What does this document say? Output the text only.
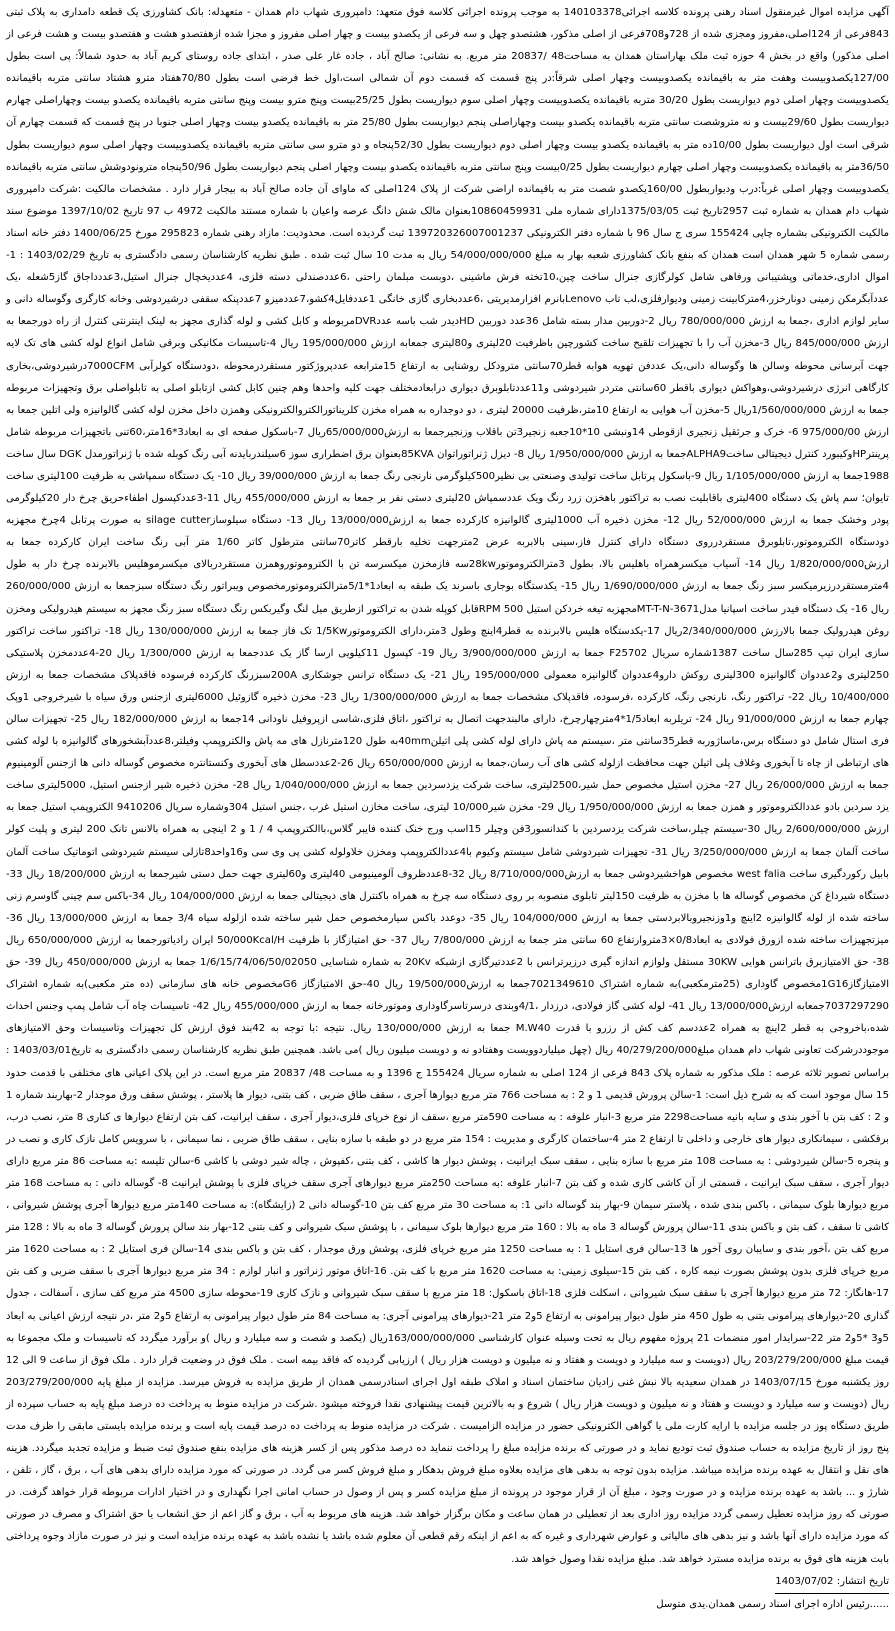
آگهی مزایده اموال غیرمنقول اسناد رهنی پرونده کلاسه اجرائی140103378 به موجب پرونده اجرائی کلاسه فوق متعهد: دامپروری شهاب دام همدان - متعهدله: بانک کشاورزی یک قطعه دامداری به پلاک ثبتی 843فرعی از 124اصلی،مفروز ومجزی شده از 728و708فرعی از اصلی مذکور، هشتصدو چهل و سه فرعی از یکصدو بیست و چهار اصلی مفروز و مجزا شده ازهفتصدو هشت و هفتصدو بیست و هشت فرعی از اصلی مذکور) واقع در بخش 4 حوزه ثبت ملک بهاراستان همدان به مساحت48 /20837 متر مربع. به نشانی: صالح آباد ، جاده غار علی صدر ، ابتدای جاده روستای کریم آباد به حدود شمالاً: پی است بطول 127/00یکصدوبیست وهفت متر به باقیمانده یکصدوبیست وچهار اصلی شرقاً:در پنج قسمت که قسمت دوم آن شمالی است،اول خط فرضی است بطول 70/80هفتاد مترو هشتاد سانتی متربه باقیمانده یکصدوبیست وچهار اصلی دوم دیواریست بطول 30/20 متربه باقیمانده یکصدوبیست وچهار اصلی سوم دیواریست بطول 25/25بیست وپنج مترو بیست وپنج سانتی متربه باقیمانده یکصدو بیست وچهاراصلی چهارم دیواریست بطول 29/60بیست و نه متروشصت سانتی متربه باقیمانده یکصدو بیست وچهاراصلی پنجم دیواریست بطول 25/80 متر به باقیمانده یکصدو بیست وچهار اصلی جنوبا در پنج قسمت که قسمت چهارم آن شرقی است اول دیواریست بطول 10/00ده متر به باقیمانده یکصدو بیست وچهار اصلی دوم دیواریست بطول 52/30پنجاه و دو مترو سی سانتی متربه باقیمانده یکصدوبیست وچهار اصلی سوم دیواریست بطول 36/50متر به باقیمانده یکصدوبیست وچهار اصلی چهارم دیواریست بطول 0/25بیست وپنج سانتی متربه باقیمانده یکصدو بیست وچهار اصلی پنجم دیواریست بطول 50/96پنجاه مترونودوشش سانتی متربه باقیمانده یکصدوبیست وچهار اصلی غرباً:درب ودیواربطول 160/00یکصدو شصت متر به باقیمانده اراضی شرکت از پلاک 124اصلی که ماوای آن جاده صالح آباد به بیجار قرار دارد . مشخصات مالکیت :شرکت دامپروری شهاب دام همدان به شماره ثبت 2957تاریخ ثبت 1375/03/05دارای شماره ملی 10860459931بعنوان مالک شش دانگ عرصه واعیان با شماره مستند مالکیت 4972 ب 97 تاریخ 1397/10/02 موضوع سند مالکیت الکترونیکی بشماره چاپی 155424 سری ج سال 96 با شماره دفتر الکترونیکی 139720326007001237 ثبت گردیده است. محدودیت: مازاد رهنی شماره 295823 مورخ 1400/06/25 دفتر خانه اسناد رسمی شماره 5 شهر همدان است همدان که بنفع بانک کشاورزی شعبه بهار به مبلغ 54/000/000/000 ریال به مدت 10 سال ثبت شده . طبق نظریه کارشناسان رسمی دادگستری به تاریخ 1403/02/29 : 1-اموال اداری،خدماتی وپشتیبانی ورفاهی شامل کولرگازی جنرال ساخت چین،10تخته فرش ماشینی ،دوبست مبلمان راحتی ،6عددصندلی دسته فلزی، 4عددیخچال جنرال استیل،3عددداجاق گاز5شعله ،یک عددآبگرمکن زمینی دونارخزر،4مترکابینت زمینی ودیوارفلزی،لب تاب Lenovoبانرم افزارمدیریتی ،6عددبخاری گازی خانگی 1عددفایل4کشو،7عددمیزو 7عددپنکه سقفی درشیردوشی وخانه کارگری وگوساله دانی و سایر لوازم اداری ،جمعا به ارزش 780/000/000 ریال 2-دوربین مدار بسته شامل 36عدد دوربین HDدیدر شب باسه عددDVRمربوطه و کابل کشی و لوله گذاری مجهز به لینک اینترنتی کنترل از راه دورجمعا به ارزش 845/000/000 ریال 3-مخزن آب را با تجهیزات تلقیح ساخت کشورچین باظرفیت 20لیتری و80لیتری جمعابه ارزش 195/000/000 ریال 4-تاسیسات مکانیکی وبرقی شامل انواع لوله کشی های تک لایه جهت آبرسانی محوطه وسالن ها وگوساله دانی،یک عددفن تهویه هوابه قطر70سانتی مترودکل روشنایی به ارتفاع 15مترابعه عددپروژکتور مستقردرمحوطه ،دودستگاه کولرآبی 7000CFMدرشیردوشی،بخاری کارگاهی انرژی درشیردوشی،وهواکش دیواری باقطر 60سانتی متردر شیردوشی و11عددتابلوبرق دیواری درابعادمختلف جهت کلیه واحدها وهم چنین کابل کشی ازتابلو اصلی به تابلواصلی برق وتجهیزات مربوطه جمعا به ارزش 1/560/000/000ریال 5-مخزن آب هوایی به ارتفاع 10متر،ظرفیت 20000 لیتری ، دو دوجداره به همراه مخزن کلریناتورالکتروالکترونیکی وهمزن داخل مخزن لوله کشی گالوانیزه ولی اتلین جمعا به ارزش 975/000/00 6- خرک و جرثقیل زنجیری ازقوطی 14ونبشی 10*10جعبه زنجیر3تن باقلاب وزنجیرجمعا به ارزش65/000/000ریال 7-باسکول صفحه ای به ابعاد3*16متر،60تنی باتجهیزات مربوطه شامل پرینترHPوکیبورد کنترل دیجیتالی ساختALPHA9جمعا به ارزش 1/950/000/000 ریال 8- دیزل ژنراتوراتوان 85KVAبعنوان برق اضطراری سوز 6سیلندربایدنه آبی رنگ کوبله شده با ژنراتورمدل DGK سال ساخت 1988جمعا به ارزش 1/105/000/000 ریال 9-باسکول پرتابل ساخت تولیدی وصنعتی بی نظیر500کیلوگرمی نارنجی رنگ جمعا به ارزش 39/000/000 ریال 10- یک دستگاه سمپاشی به ظرفیت 100لیتری ساخت تایوان؛ سم پاش یک دستگاه 400لیتری باقابلیت نصب به تراکتور باهخزن زرد رنگ ویک عددسمپاش 20لیتری دستی نفر بر جمعا به ارزش 455/000/000 ریال 11-3عددکپسول اطفاءحریق چرخ دار 20کیلوگرمی پودر وخشک جمعا به ارزش 52/000/000 ریال 12- مخزن ذخیره آب 1000لیتری گالوانیزه کارکرده جمعا به ارزش13/000/000 ریال 13- دستگاه سیلوسازsilage cutter به صورت پرتابل 4چرخ مجهزبه دودستگاه الکتروموتور،تابلوبرق مستقردرروی دستگاه دارای کنترل فاز،سینی بالابربه عرض 2مترجهت تخلیه بارقطر کاتر70سانتی مترطول کاتر 1/60 متر آبی رنگ ساخت ایران کارکرده جمعا به ارزش1/820/000/000 ریال 14- آسیاب میکسرهمراه باهلیس بالا، بطول 3مترالکتروموتور28kwسه فازمخزن میکسرسه تن با الکتروموتوروهمزن مستقردربالای میکسرموهلیس بالابرنده چرخ دار به طول 4مترمستقردرزیرمیکسر سبز رنگ جمعا به ارزش 1/690/000/000 ریال 15- یکدستگاه بوجاری باسرند یک طبقه به ابعاد1*5/1مترالکتروموتورمخصوص ویبراتور رنگ دستگاه سبزجمعا به ارزش 260/000/000 ریال 16- یک دستگاه فیدر ساخت اسپانیا مدلMT-T-N-3671مجهزبه تیغه خردکن استیل RPM 500قابل کوپله شدن به تراکتور ازطریق میل لنگ وگیربکس رنگ دستگاه سبز رنگ مجهز به سیستم هیدرولیکی ومخزن روغن هیدرولیک جمعا بالارزش 2/340/000/000ریال 17-یکدستگاه هلیس بالابرنده به قطر4اینچ وطول 3متر،دارای الکتروموتور1/5Kw تک فاز جمعا به ارزش 130/000/000 ریال 18- تراکتور ساخت تراکتور سازی ایران تیپ 285سال ساخت 1387شماره سریال F25702 جمعا به ارزش 3/900/000/000 ریال 19- کپسول 11کیلویی ارسا گاز یک عددجمعا به ارزش 1/300/000 ریال 20-4عددمخزن پلاستیکی 250لیتری و2عددوان گالوانیزه 300لیتری روکش دارو4عددوان گالوانیزه معمولی 195/000/000 ریال 21- یک دستگاه ترانس جوشکاری 200Aسبزرنگ کارکرده فرسوده فاقدپلاک مشخصات جمعا به ارزش 10/400/000 ریال 22- تراکتور رنگ، نارنجی رنگ، کارکرده ،فرسوده، فاقدپلاک مشخصات جمعا به ارزش 1/300/000/000 ریال 23- مخزن ذخیره گازوئیل 6000لیتری ازجنس ورق سیاه با شیرخروجی 1وپک چهارم جمعا به ارزش 91/000/000 ریال 24- تریلربه ابعاد1/5*4مترچهارچرخ، دارای مالبندجهت اتصال به تراکتور ،اتاق فلزی،شاسی ازپروفیل ناودانی 14جمعا به ارزش 182/000/000 ریال 25- تجهیزات سالن فری استال شامل دو دستگاه برس،ماساژوربه قطر35سانتی متر ،سیستم مه پاش دارای لوله کشی پلی اتیلن40mmبه طول 120مترنازل های مه پاش والکتروپمپ وفیلتر،8عددآبشخورهای گالوانیزه با لوله کشی های ارتباطی از چاه تا آبخوری وغلاف پلی اتیلن جهت محافظت ازلوله کشی های آب رسان،جمعا به ارزش 650/000/000 ریال 26-2عددسطل های آبخوری وکنستانتره مخصوص گوساله دانی ها ازجنس آلومینیوم جمعا به ارزش 26/000/000 ریال 27- مخزن استیل مخصوص حمل شیر،2500لیتری، ساخت شرکت یزدسردین جمعا به ارزش 1/040/000/000 ریال 28- مخزن ذخیره شیر ازجنس استیل، 5000لیتری ساخت یزد سردین بادو عددالکتروموتور و همزن جمعا به ارزش 1/950/000/000 ریال 29- مخزن شیر10/000 لیتری، ساخت مخازن استیل غرب ،جنس استیل 304وشماره سریال 9410206 الکتروپمپ استیل جمعا به ارزش 2/600/000/000 ریال 30-سیستم چیلر،ساخت شرکت یزدسردین با کندانسور3فن وچیلر 15اسب ورج خنک کننده فایبر گلاس،باالکتروپمپ 4 / 1 و 2 اینچی به همراه بالانس تانک 200 لیتری و پلیت کولر ساخت آلمان جمعا به ارزش 3/250/000/000 ریال 31- تجهیزات شیردوشی شامل سیستم وکیوم با4عددالکتروپمپ ومخزن خلاولوله کشی پی وی سی و16واحد8تازلی سیستم شیردوشی اتوماتیک ساخت آلمان بابیل رکوردگیری ساخت west falia مخصوص هواخشیردوشی جمعا به ارزش8/710/000/000 ریال 32-8عددظروف آلومینیومی 40لیتری و60لیتری جهت حمل دستی شیرجمعا به ارزش 18/200/000 ریال 33- دستگاه شیرداغ کن مخصوص گوساله ها با مخزن به ظرفیت 150لیتر تابلوی منصوبه بر روی دستگاه سه چرخ به همراه باکنترل های دیجیتالی جمعا به ارزش 104/000/000 ریال 34-باکس سم چینی گاوسرم زنی ساخته شده از لوله گالوانیزه 2اینچ و1وزنجیروبالابردستی جمعا به ارزش 104/000/000 ریال 35- دوعدد باکس سیارمخصوص حمل شیر ساخته شده ازلوله سیاه 3/4 جمعا به ارزش 13/000/000 ریال 36-میزتجهیزات ساخته شده ازورق فولادی به ابعاد0/8×3متروارتفاع 60 سانتی متر جمعا به ارزش 7/800/000 ریال 37- حق امتیازگاز با ظرفیت 50/000Kcal/H ایران رادیاتورجمعا به ارزش 650/000/000 ریال 38- حق الامتیازبرق باترانس هوایی 30KW مستقل ولوازم اندازه گیری درزیرترانس با 2عددتیرگازی ازشبکه 20Kv به شماره شناسایی 1/6/15/74/06/50/02050 جمعا به ارزش 450/000/000 ریال 39- حق الامتیازگاز1G16مخصوص گاوداری (25مترمکعبی)به شماره اشتراک 7021349610جمعا به ارزش19/500/000 ریال 40-حق الامتیازگاز G6مخصوص خانه های سازمانی (ده متر مکعبی)به شماره اشتراک 7037297290جمعابه ارزش13/000/000 ریال 41- لوله کشی گاز فولادی، درزدار ،4/1وبندی درسرتاسرگاوداری وموتورخانه جمعا به ارزش 455/000/000 ریال 42- تاسیسات چاه آب شامل پمپ وجنس احداث شده،باخروجی به قطر 2اینچ به همراه 2عددسم کف کش از رزرو با قدرت M.W40 جمعا به ارزش 130/000/000 ریال. نتیجه :با توجه به 42بند فوق ارزش کل تجهیزات وتاسیسات وحق الامتیازهای موجوددرشرکت تعاونی شهاب دام همدان مبلغ40/279/200/000 ریال (چهل میلیاردوویست وهفتادو نه و دویست میلیون ریال )می باشد. همچنین طبق نظریه کارشناسان رسمی دادگستری به تاریخ1403/03/01 : براساس تصویر ثلاثه عرصه : ملک مذکور به شماره پلاک 843 فرعی از 124 اصلی به شماره سریال 155424 ج 1396 و به مساحت 48/ 20837 متر مربع است. در این پلاک اعیانی های مختلفی با قدمت حدود 15 سال موجود است که به شرح ذیل است: 1-سالن پرورش قدیمی 1 و 2 : به مساحت 766 متر مربع دیوارها آجری ، سقف طاق ضربی ، کف بتنی، دیوار ها پلاستر ، پوشش سقف ورق موجدار 2-بهاربند شماره 1 و 2 : کف بتن با آخور بندی و سایه بانیه مساحت2298 متر مربع 3-انبار علوفه : به مساحت 590متر مربع ،سقف از نوع خرپای فلزی،دیوار آجری ، سقف ایرانیت، کف بتن ارتفاع دیوارها ی کناری 8 متر، نصب درب، برقکشی ، سیمانکاری دیوار های خارجی و داخلی تا ارتفاع 2 متر 4-ساختمان کارگری و مدیریت : 154 متر مربع در دو طبقه با سازه بنایی ، سقف طاق ضربی ، نما سیمانی ، با سرویس کامل نازک کاری و نصب در و پنجره 5-سالن شیردوشی : به مساحت 108 متر مربع با سازه بنایی ، سقف سبک ایرانیت ، پوشش دیوار ها کاشی ، کف بتنی ،کفپوش ، چاله شیر دوشی با کاشی 6-سالن تلیسه :به مساحت 86 متر مربع دارای دیوار آجری ، سقف سبک ایرانیت ، قسمتی از آن کاشی کاری شده و کف بتن 7-انبار علوفه :به مساحت 250متر مربع دیوارهای آجری سقف خرپای فلزی با پوشش ایرانیت 8- گوساله دانی : به مساحت 168 متر مربع دیوارها بلوک سیمانی ، باکس بندی شده ، پلاستر سیمان 9-بهار بند گوساله دانی 1: به مساحت 30 متر مربع کف بتن 10-گوساله دانی 2 (زایشگاه): به مساحت 140متر مربع دیوارها آجری پوشش شیروانی ، کاشی تا سقف ، کف بتن و باکس بندی 11-سالن پرورش گوساله 3 ماه به بالا : 160 متر مربع دیوارها بلوک سیمانی ، با پوشش سبک شیروانی و کف بتنی 12-بهار بند سالن پرورش گوساله 3 ماه به بالا : 128 متر مربع کف بتن ،آخور بندی و سایبان روی آخور ها 13-سالن فری استایل 1 : به مساحت 1250 متر مربع خرپای فلزی، پوشش ورق موجدار ، کف بتن و باکس بندی 14-سالن فری استایل 2 : به مساحت 1620 متر مربع خرپای فلزی بدون پوشش بصورت نیمه کاره ، کف بتن 15-سیلوی زمینی: به مساحت 1620 متر مربع با کف بتن. 16-اتاق موتور ژنراتور و انبار لوازم : 34 متر مربع دیوارها آجری با سقف ضربی و کف بتن 17-هانگار: 72 متر مربع دیوارها آجری با سقف سبک شیروانی ، اسکلت فلزی 18-اتاق باسکول: 18 متر مربع با سقف سبک شیروانی و نازک کاری 19-محوطه سازی 4500 متر مربع کف سازی ، آسفالت ، جدول گذاری 20-دیوارهای پیرامونی بتنی به طول 450 متر طول دیوار پیرامونی به ارتفاع 5و2 متر 21-دیوارهای پیرامونی آجری: به مساحت 84 متر طول دیوار پیرامونی به ارتفاع 5و2 متر ،در نتیجه ارزش اعیانی به ابعاد 5و3 *5و2 متر 22-سرایدار امور منضمات 21 پروژه مفهوم ریال به تحت وسیله عنوان کارشناسی 163/000/000/000ریال (یکصد و شصت و سه میلیارد و ریال )و برآورد میگردد که تاسیسات و ملک مجموعا به قیمت مبلغ 203/279/200/000 ریال (دویست و سه میلیارد و دویست و هفتاد و نه میلیون و دویست هزار ریال ) ارزیابی گردیده که فاقد بیمه است . ملک فوق در وضعیت قرار دارد . ملک فوق از ساعت 9 الی 12 روز یکشنبه مورخ 1403/07/15 در همدان سعیدیه بالا نبش غنی زادیان ساختمان اسناد و املاک طبقه اول اجرای اسنادرسمی همدان از طریق مزایده به فروش میرسد. مزایده از مبلغ پایه 203/279/200/000 ریال (دویست و سه میلیارد و دویست و هفتاد و نه میلیون و دویست هزار ریال ) شروع و به بالاترین قیمت پیشنهادی نقدا فروخته میشود .شرکت در مزایده منوط به پرداخت ده درصد مبلغ پایه به حساب سپرده از طریق دستگاه پوز در جلسه مزایده با ارایه کارت ملی یا گواهی الکترونیکی حضور در مزایده الزامیست . شرکت در مزایده منوط به پرداخت ده درصد قیمت پایه است و برنده مزایده بایستی مابقی را ظرف مدت پنج روز از تاریخ مزایده به حساب صندوق ثبت تودیع نماید و در صورتی که برنده مزایده مبلغ را پرداخت ننماید ده درصد مذکور پس از کسر هزینه های مزایده بنفع صندوق ثبت ضبط و مزایده تجدید میگردد. هزینه های نقل و انتقال به عهده برنده مزایده میباشد. مزایده بدون توجه به بدهی های مزایده بعلاوه مبلغ فروش بدهکار و مبلغ فروش کسر می گردد. در صورتی که مورد مزایده دارای بدهی های آب ، برق ، گاز ، تلفن ، شارژ و ... باشد به عهده برنده مزایده و در صورت وجود ، مبلغ آن از قرار موجود در پرونده از مبلغ مزایده کسر و پس از وصول در حساب امانی اجرا نگهداری و در اختیار ادارات مربوطه قرار خواهد گرفت. در صورتی که روز مزایده تعطیل رسمی گردد مزایده روز اداری بعد از تعطیلی در همان ساعت و مکان برگزار خواهد شد. هزینه های مربوط به آب ، برق و گاز اعم از حق انشعاب یا حق اشتراک و مصرف در صورتی که مورد مزایده دارای آنها باشد و نیز بدهی های مالیاتی و عوارض شهرداری و غیره که به اعم از اینکه رقم قطعی آن معلوم شده باشد یا نشده باشد به عهده برنده مزایده است و نیز در صورت مازاد وجوه پرداختی بابت هزینه های فوق به برنده مزایده مسترد خواهد شد. مبلغ مزایده نقدا وصول خواهد شد.

تاریخ انتشار: 1403/07/02
......رئیس اداره اجرای اسناد رسمی همدان.یدی متوسل
